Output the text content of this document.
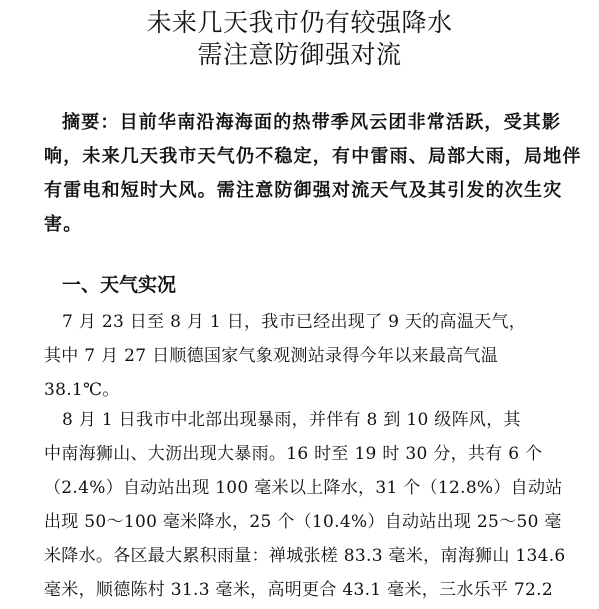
未来几天我市仍有较强降水
需注意防御强对流
摘要：目前华南沿海海面的热带季风云团非常活跃，受其影
响，未来几天我市天气仍不稳定，有中雷雨、局部大雨，局地伴
有雷电和短时大风。需注意防御强对流天气及其引发的次生灾
害。
一、天气实况
7 月 23 日至 8 月 1 日，我市已经出现了 9 天的高温天气，
其中 7 月 27 日顺德国家气象观测站录得今年以来最高气温
38.1℃。
8 月 1 日我市中北部出现暴雨，并伴有 8 到 10 级阵风，其
中南海狮山、大沥出现大暴雨。16 时至 19 时 30 分，共有 6 个
（2.4%）自动站出现 100 毫米以上降水，31 个（12.8%）自动站
出现 50～100 毫米降水，25 个（10.4%）自动站出现 25～50 毫
米降水。各区最大累积雨量：禅城张槎 83.3 毫米，南海狮山 134.6
毫米，顺德陈村 31.3 毫米，高明更合 43.1 毫米，三水乐平 72.2
